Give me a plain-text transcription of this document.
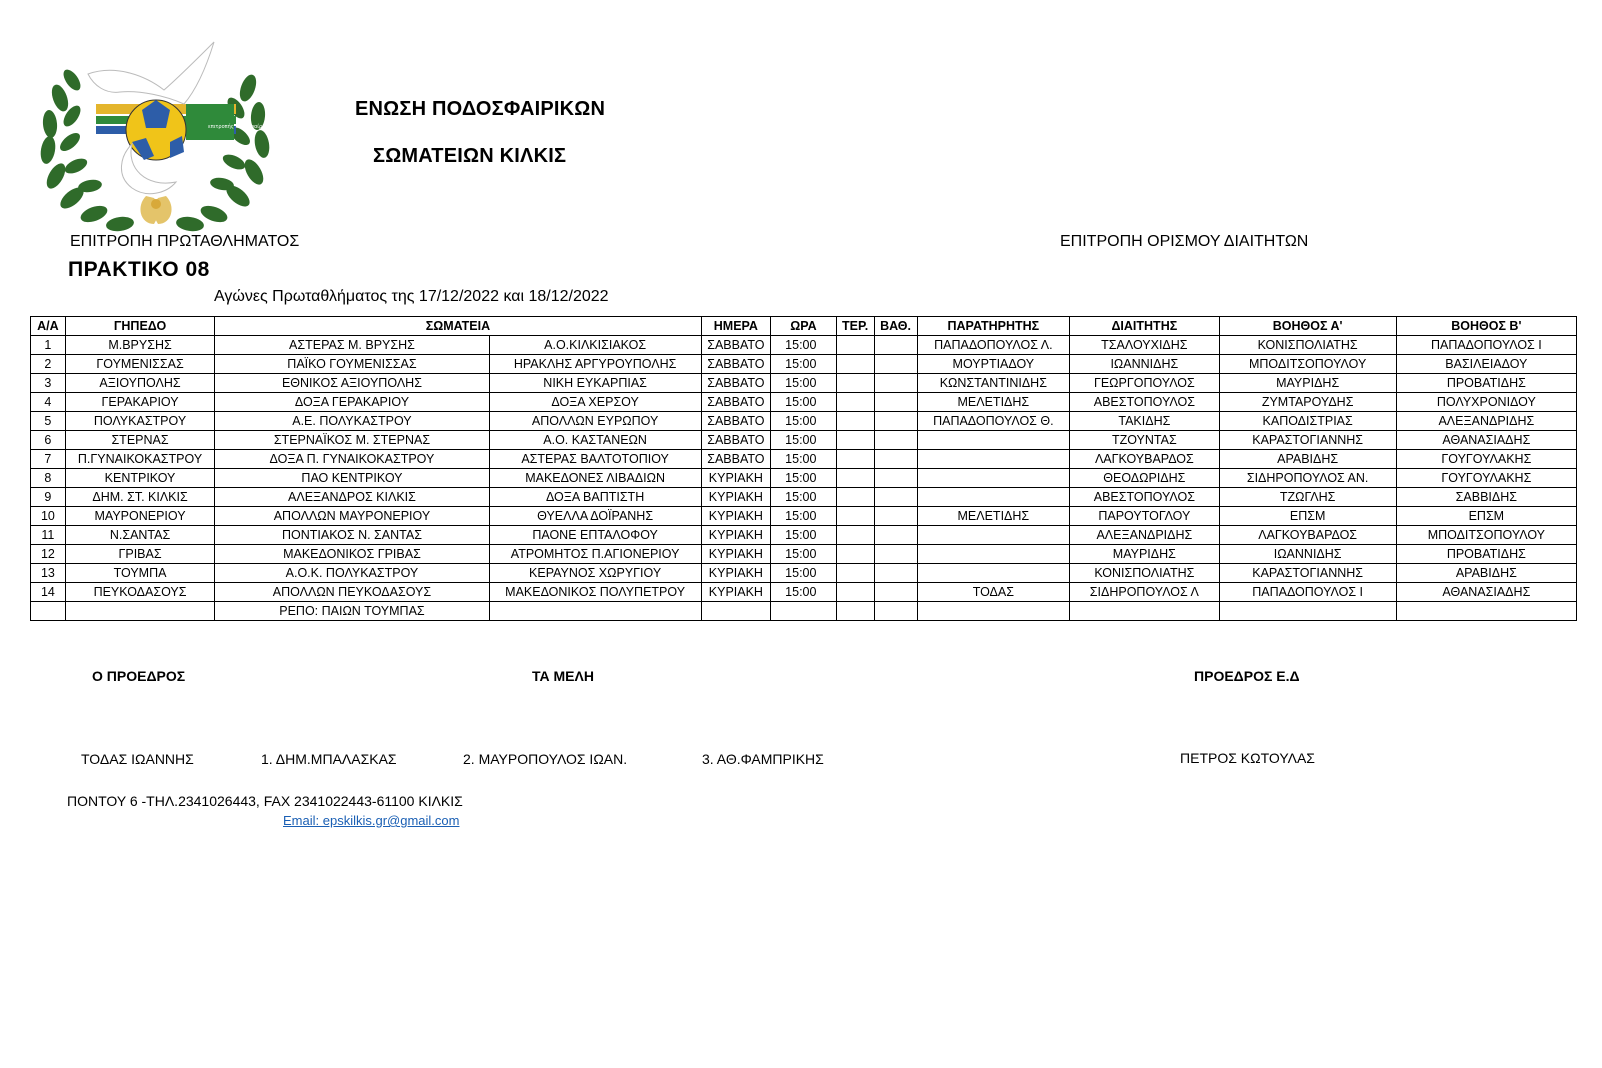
επιτροπής ποδοσφαίρου
ΕΝΩΣΗ ΠΟΔΟΣΦΑΙΡΙΚΩΝ
ΣΩΜΑΤΕΙΩΝ ΚΙΛΚΙΣ
ΕΠΙΤΡΟΠΗ ΠΡΩΤΑΘΛΗΜΑΤΟΣ	ΕΠΙΤΡΟΠΗ ΟΡΙΣΜΟΥ ΔΙΑΙΤΗΤΩΝ
ΠΡΑΚΤΙΚΟ 08
Αγώνες Πρωταθλήματος της 17/12/2022 και 18/12/2022
Α/Α	ΓΗΠΕΔΟ	ΣΩΜΑΤΕΙΑ		ΗΜΕΡΑ	ΩΡΑ	ΤΕΡ.	ΒΑΘ.	ΠΑΡΑΤΗΡΗΤΗΣ	ΔΙΑΙΤΗΤΗΣ	ΒΟΗΘΟΣ Α'	ΒΟΗΘΟΣ Β'
1	Μ.ΒΡΥΣΗΣ	ΑΣΤΕΡΑΣ Μ. ΒΡΥΣΗΣ	Α.Ο.ΚΙΛΚΙΣΙΑΚΟΣ	ΣΑΒΒΑΤΟ	15:00			ΠΑΠΑΔΟΠΟΥΛΟΣ Λ.	ΤΣΑΛΟΥΧΙΔΗΣ	ΚΟΝΙΣΠΟΛΙΑΤΗΣ	ΠΑΠΑΔΟΠΟΥΛΟΣ Ι
2	ΓΟΥΜΕΝΙΣΣΑΣ	ΠΑΪΚΟ ΓΟΥΜΕΝΙΣΣΑΣ	ΗΡΑΚΛΗΣ ΑΡΓΥΡΟΥΠΟΛΗΣ	ΣΑΒΒΑΤΟ	15:00			ΜΟΥΡΤΙΑΔΟΥ	ΙΩΑΝΝΙΔΗΣ	ΜΠΟΔΙΤΣΟΠΟΥΛΟΥ	ΒΑΣΙΛΕΙΑΔΟΥ
3	ΑΞΙΟΥΠΟΛΗΣ	ΕΘΝΙΚΟΣ ΑΞΙΟΥΠΟΛΗΣ	ΝΙΚΗ ΕΥΚΑΡΠΙΑΣ	ΣΑΒΒΑΤΟ	15:00			ΚΩΝΣΤΑΝΤΙΝΙΔΗΣ	ΓΕΩΡΓΟΠΟΥΛΟΣ	ΜΑΥΡΙΔΗΣ	ΠΡΟΒΑΤΙΔΗΣ
4	ΓΕΡΑΚΑΡΙΟΥ	ΔΟΞΑ ΓΕΡΑΚΑΡΙΟΥ	ΔΟΞΑ ΧΕΡΣΟΥ	ΣΑΒΒΑΤΟ	15:00			ΜΕΛΕΤΙΔΗΣ	ΑΒΕΣΤΟΠΟΥΛΟΣ	ΖΥΜΤΑΡΟΥΔΗΣ	ΠΟΛΥΧΡΟΝΙΔΟΥ
5	ΠΟΛΥΚΑΣΤΡΟΥ	Α.Ε. ΠΟΛΥΚΑΣΤΡΟΥ	ΑΠΟΛΛΩΝ ΕΥΡΩΠΟΥ	ΣΑΒΒΑΤΟ	15:00			ΠΑΠΑΔΟΠΟΥΛΟΣ Θ.	ΤΑΚΙΔΗΣ	ΚΑΠΟΔΙΣΤΡΙΑΣ	ΑΛΕΞΑΝΔΡΙΔΗΣ
6	ΣΤΕΡΝΑΣ	ΣΤΕΡΝΑΪΚΟΣ Μ. ΣΤΕΡΝΑΣ	Α.Ο. ΚΑΣΤΑΝΕΩΝ	ΣΑΒΒΑΤΟ	15:00				ΤΖΟΥΝΤΑΣ	ΚΑΡΑΣΤΟΓΙΑΝΝΗΣ	ΑΘΑΝΑΣΙΑΔΗΣ
7	Π.ΓΥΝΑΙΚΟΚΑΣΤΡΟΥ	ΔΟΞΑ Π. ΓΥΝΑΙΚΟΚΑΣΤΡΟΥ	ΑΣΤΕΡΑΣ ΒΑΛΤΟΤΟΠΙΟΥ	ΣΑΒΒΑΤΟ	15:00				ΛΑΓΚΟΥΒΑΡΔΟΣ	ΑΡΑΒΙΔΗΣ	ΓΟΥΓΟΥΛΑΚΗΣ
8	ΚΕΝΤΡΙΚΟΥ	ΠΑΟ ΚΕΝΤΡΙΚΟΥ	ΜΑΚΕΔΟΝΕΣ ΛΙΒΑΔΙΩΝ	ΚΥΡΙΑΚΗ	15:00				ΘΕΟΔΩΡΙΔΗΣ	ΣΙΔΗΡΟΠΟΥΛΟΣ ΑΝ.	ΓΟΥΓΟΥΛΑΚΗΣ
9	ΔΗΜ. ΣΤ. ΚΙΛΚΙΣ	ΑΛΕΞΑΝΔΡΟΣ ΚΙΛΚΙΣ	ΔΟΞΑ ΒΑΠΤΙΣΤΗ	ΚΥΡΙΑΚΗ	15:00				ΑΒΕΣΤΟΠΟΥΛΟΣ	ΤΖΩΓΛΗΣ	ΣΑΒΒΙΔΗΣ
10	ΜΑΥΡΟΝΕΡΙΟΥ	ΑΠΟΛΛΩΝ ΜΑΥΡΟΝΕΡΙΟΥ	ΘΥΕΛΛΑ ΔΟΪΡΑΝΗΣ	ΚΥΡΙΑΚΗ	15:00			ΜΕΛΕΤΙΔΗΣ	ΠΑΡΟΥΤΟΓΛΟΥ	ΕΠΣΜ	ΕΠΣΜ
11	Ν.ΣΑΝΤΑΣ	ΠΟΝΤΙΑΚΟΣ Ν. ΣΑΝΤΑΣ	ΠΑΟΝΕ ΕΠΤΑΛΟΦΟΥ	ΚΥΡΙΑΚΗ	15:00				ΑΛΕΞΑΝΔΡΙΔΗΣ	ΛΑΓΚΟΥΒΑΡΔΟΣ	ΜΠΟΔΙΤΣΟΠΟΥΛΟΥ
12	ΓΡΙΒΑΣ	ΜΑΚΕΔΟΝΙΚΟΣ ΓΡΙΒΑΣ	ΑΤΡΟΜΗΤΟΣ Π.ΑΓΙΟΝΕΡΙΟΥ	ΚΥΡΙΑΚΗ	15:00				ΜΑΥΡΙΔΗΣ	ΙΩΑΝΝΙΔΗΣ	ΠΡΟΒΑΤΙΔΗΣ
13	ΤΟΥΜΠΑ	Α.Ο.Κ. ΠΟΛΥΚΑΣΤΡΟΥ	ΚΕΡΑΥΝΟΣ ΧΩΡΥΓΙΟΥ	ΚΥΡΙΑΚΗ	15:00				ΚΟΝΙΣΠΟΛΙΑΤΗΣ	ΚΑΡΑΣΤΟΓΙΑΝΝΗΣ	ΑΡΑΒΙΔΗΣ
14	ΠΕΥΚΟΔΑΣΟΥΣ	ΑΠΟΛΛΩΝ ΠΕΥΚΟΔΑΣΟΥΣ	ΜΑΚΕΔΟΝΙΚΟΣ ΠΟΛΥΠΕΤΡΟΥ	ΚΥΡΙΑΚΗ	15:00			ΤΟΔΑΣ	ΣΙΔΗΡΟΠΟΥΛΟΣ Λ	ΠΑΠΑΔΟΠΟΥΛΟΣ Ι	ΑΘΑΝΑΣΙΑΔΗΣ
		ΡΕΠΟ: ΠΑΙΩΝ ΤΟΥΜΠΑΣ									
Ο ΠΡΟΕΔΡΟΣ	ΤΑ ΜΕΛΗ	ΠΡΟΕΔΡΟΣ Ε.Δ
ΤΟΔΑΣ ΙΩΑΝΝΗΣ	1. ΔΗΜ.ΜΠΑΛΑΣΚΑΣ	2. ΜΑΥΡΟΠΟΥΛΟΣ ΙΩΑΝ.	3. ΑΘ.ΦΑΜΠΡΙΚΗΣ	ΠΕΤΡΟΣ ΚΩΤΟΥΛΑΣ
ΠΟΝΤΟΥ 6 -ΤΗΛ.2341026443, FAX 2341022443-61100 ΚΙΛΚΙΣ
Email: epskilkis.gr@gmail.com
